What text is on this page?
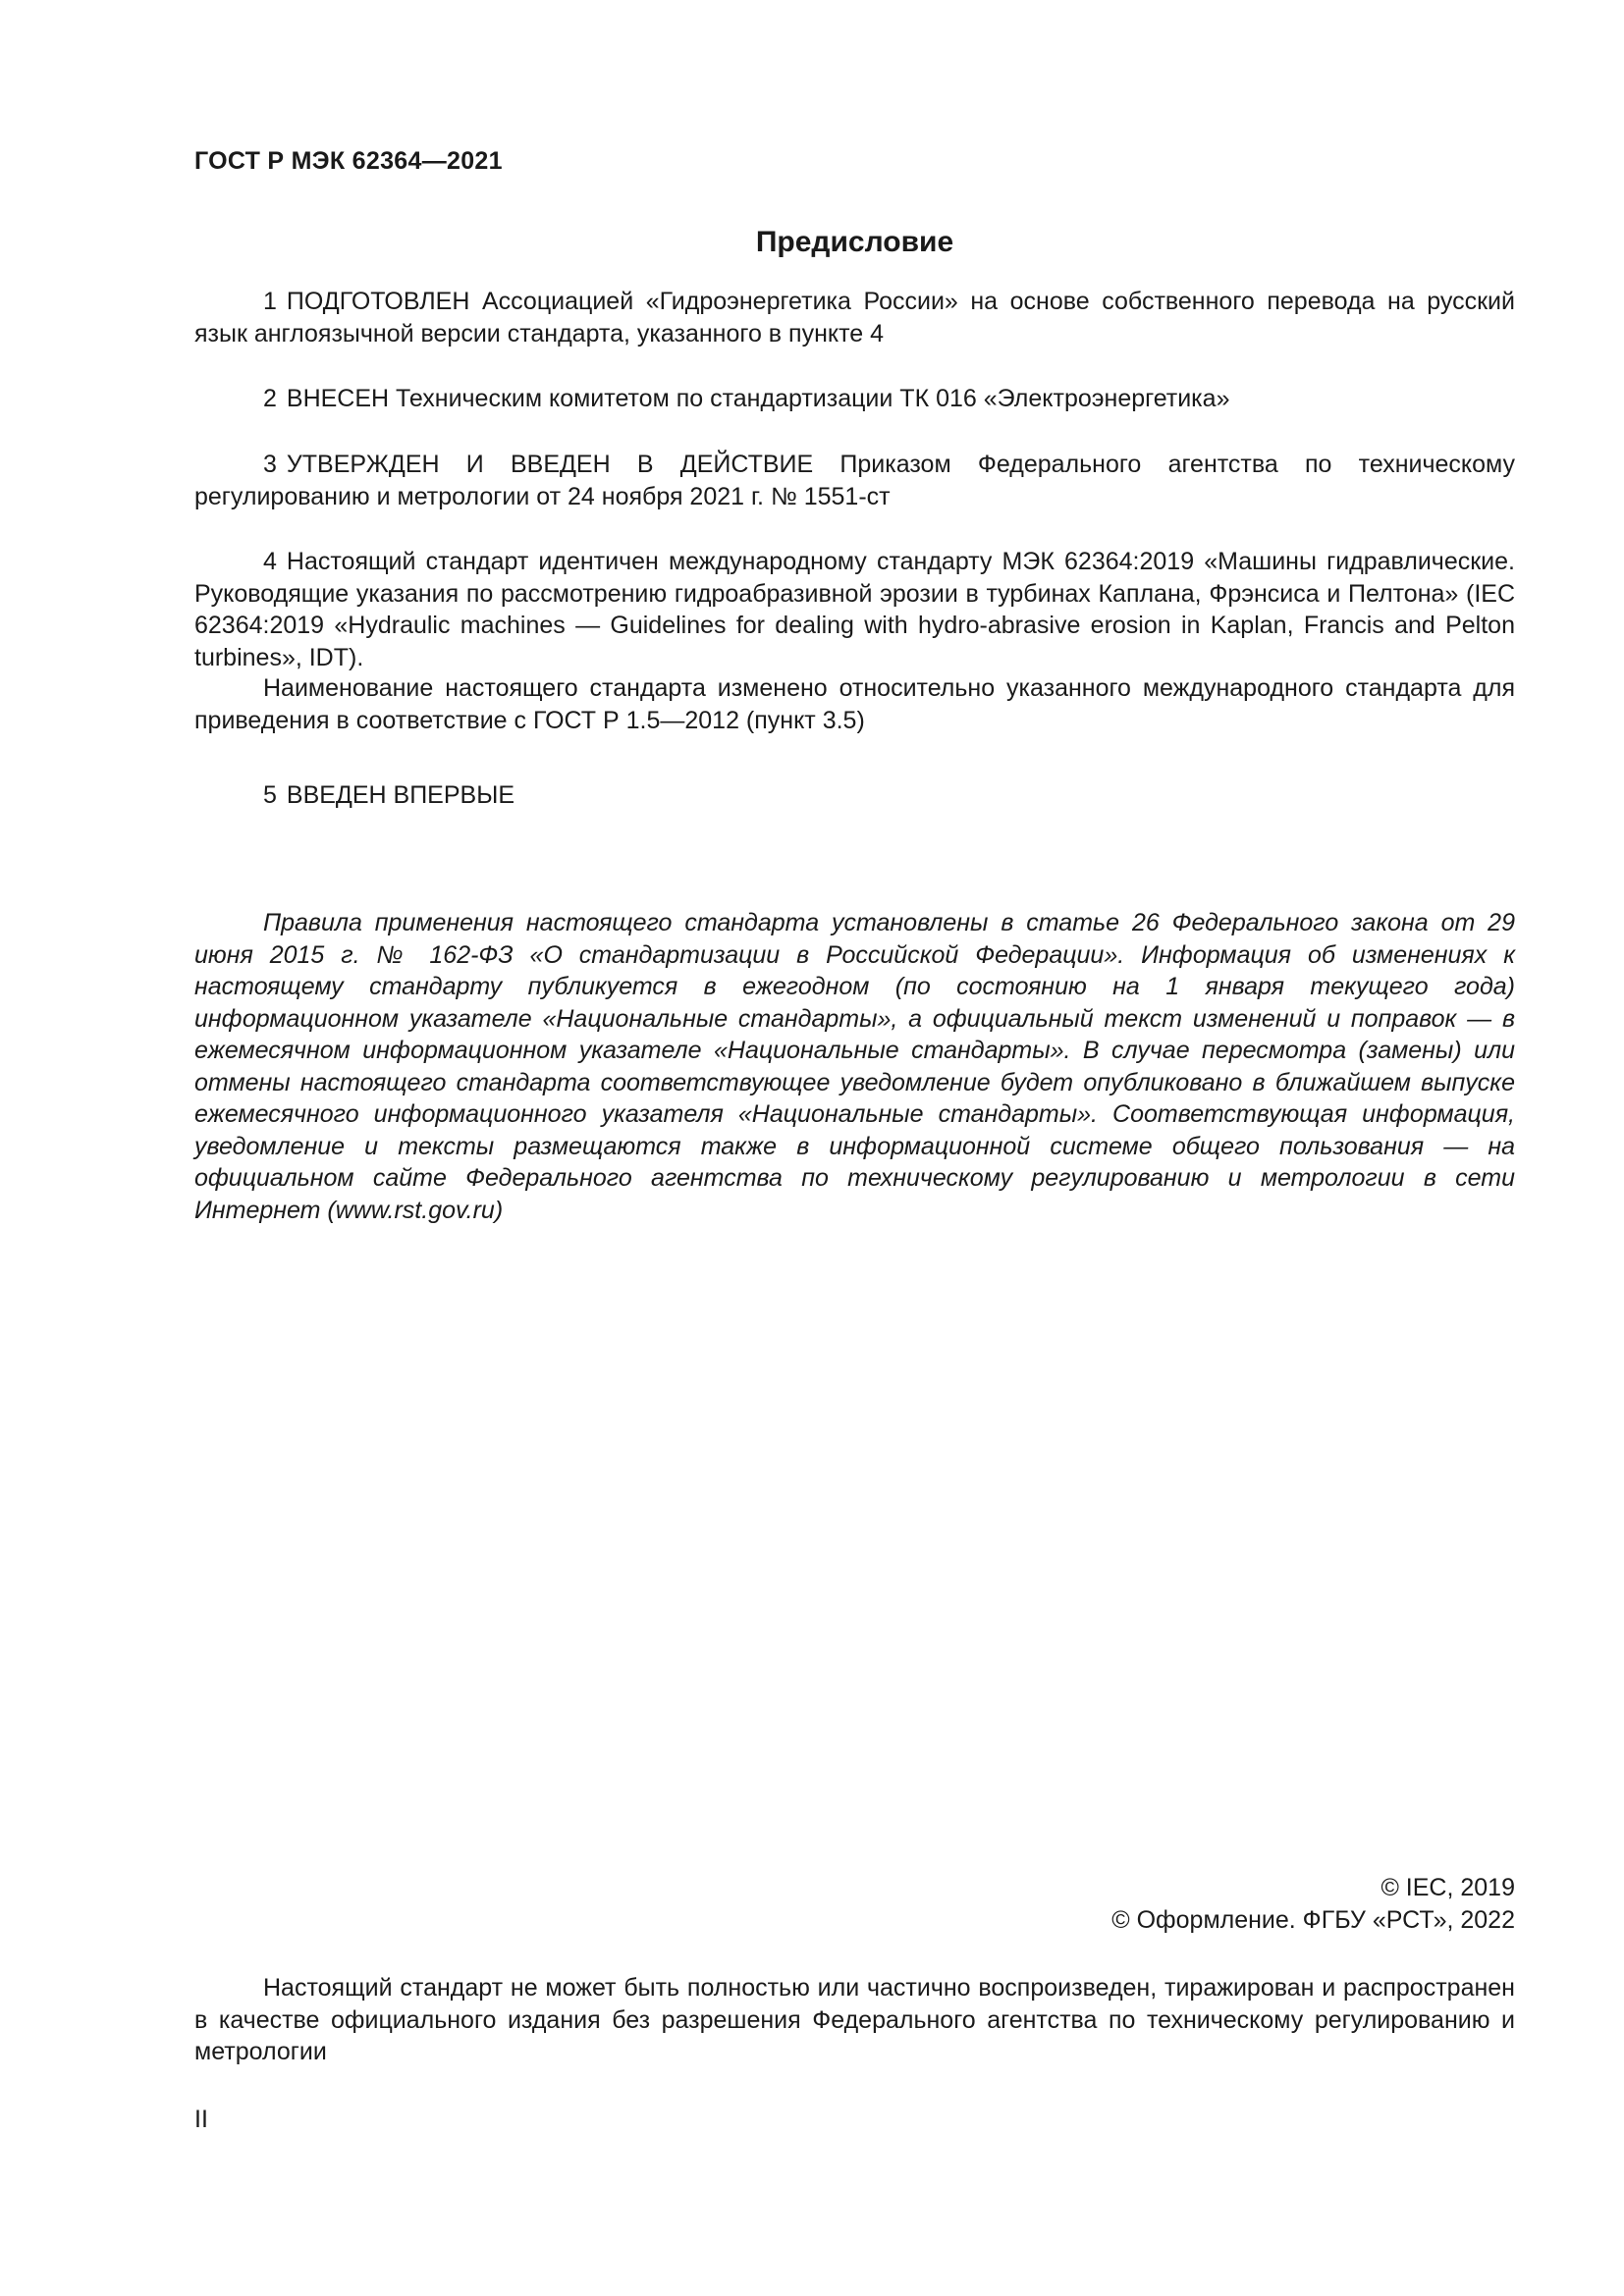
ГОСТ Р МЭК 62364—2021
Предисловие
1 ПОДГОТОВЛЕН Ассоциацией «Гидроэнергетика России» на основе собственного перевода на русский язык англоязычной версии стандарта, указанного в пункте 4
2 ВНЕСЕН Техническим комитетом по стандартизации ТК 016 «Электроэнергетика»
3 УТВЕРЖДЕН И ВВЕДЕН В ДЕЙСТВИЕ Приказом Федерального агентства по техническому регулированию и метрологии от 24 ноября 2021 г. № 1551-ст
4 Настоящий стандарт идентичен международному стандарту МЭК 62364:2019 «Машины гидравлические. Руководящие указания по рассмотрению гидроабразивной эрозии в турбинах Каплана, Фрэнсиса и Пелтона» (IEC 62364:2019 «Hydraulic machines — Guidelines for dealing with hydro-abrasive erosion in Kaplan, Francis and Pelton turbines», IDT).
Наименование настоящего стандарта изменено относительно указанного международного стандарта для приведения в соответствие с ГОСТ Р 1.5—2012 (пункт 3.5)
5 ВВЕДЕН ВПЕРВЫЕ
Правила применения настоящего стандарта установлены в статье 26 Федерального закона от 29 июня 2015 г. № 162-ФЗ «О стандартизации в Российской Федерации». Информация об изменениях к настоящему стандарту публикуется в ежегодном (по состоянию на 1 января текущего года) информационном указателе «Национальные стандарты», а официальный текст изменений и поправок — в ежемесячном информационном указателе «Национальные стандарты». В случае пересмотра (замены) или отмены настоящего стандарта соответствующее уведомление будет опубликовано в ближайшем выпуске ежемесячного информационного указателя «Национальные стандарты». Соответствующая информация, уведомление и тексты размещаются также в информационной системе общего пользования — на официальном сайте Федерального агентства по техническому регулированию и метрологии в сети Интернет (www.rst.gov.ru)
© IEC, 2019
© Оформление. ФГБУ «РСТ», 2022
Настоящий стандарт не может быть полностью или частично воспроизведен, тиражирован и распространен в качестве официального издания без разрешения Федерального агентства по техническому регулированию и метрологии
II
